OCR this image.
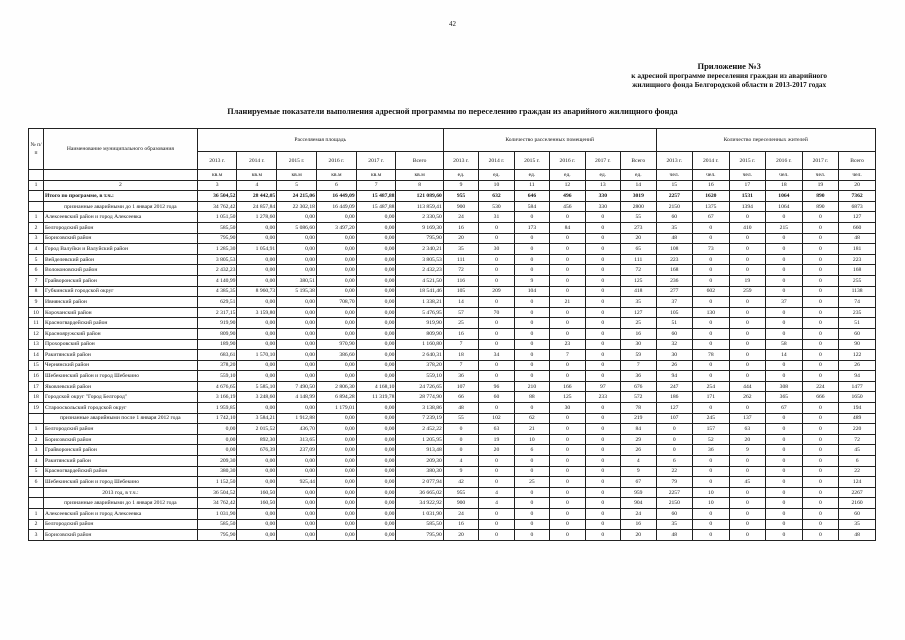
42
Приложение №3
к адресной программе переселения граждан из аварийного
жилищного фонда Белгородской области в 2013-2017 годах
Планируемые показатели выполнения адресной программы по переселению граждан из аварийного жилищного фонда
№ п/п	Наименование муниципального образования	Расселяемая площадь						Количество расселенных помещений						Количество переселенных жителей					
		2013 г.	2014 г.	2015 г.	2016 г.	2017 г.	Всего	2013 г.	2014 г.	2015 г.	2016 г.	2017 г.	Всего	2013 г.	2014 г.	2015 г.	2016 г.	2017 г.	Всего
		кв.м	кв.м	кв.м	кв.м	кв.м	кв.м	ед.	ед.	ед.	ед.	ед.	ед.	чел.	чел.	чел.	чел.	чел.	чел.
1	2	3	4	5	6	7	8	9	10	11	12	13	14	15	16	17	18	19	20
	Итого по программе, в т.ч.:	36 504,52	28 442,05	24 215,06	16 449,09	15 487,88	121 089,60	955	632	646	496	330	3019	2257	1620	1531	1064	890	7362
	признанные аварийными до 1 января 2012 года	34 762,42	24 857,84	22 302,18	16 449,09	15 487,88	113 859,41	900	530	584	456	330	2800	2150	1375	1394	1064	890	6873
1	Алексеевский район и город Алексеевка	1 051,50	1 278,60	0,00	0,00	0,00	2 330,50	24	31	0	0	0	55	60	67	0	0	0	127
2	Белгородский район	585,50	0,00	5 086,60	3 497,20	0,00	9 169,30	16	0	173	84	0	273	35	0	410	215	0	660
3	Борисовский район	795,90	0,00	0,00	0,00	0,00	795,90	20	0	0	0	0	20	48	0	0	0	0	48
4	Город Валуйки и Валуйский район	1 285,30	1 054,91	0,00	0,00	0,00	2 340,21	35	30	0	0	0	65	108	73	0	0	0	181
5	Вейделевский район	3 805,53	0,00	0,00	0,00	0,00	3 805,53	111	0	0	0	0	111	223	0	0	0	0	223
6	Волоконовский район	2 432,23	0,00	0,00	0,00	0,00	2 432,23	72	0	0	0	0	72	168	0	0	0	0	168
7	Грайворонский район	4 140,99	0,00	380,51	0,00	0,00	4 521,50	116	0	9	0	0	125	236	0	19	0	0	255
8	Губкинский городской округ	4 385,35	8 960,73	5 195,38	0,00	0,00	18 541,46	105	209	104	0	0	418	277	602	259	0	0	1138
9	Ивнянский район	629,51	0,00	0,00	708,70	0,00	1 338,21	14	0	0	21	0	35	37	0	0	37	0	74
10	Корочанский район	2 317,15	3 159,80	0,00	0,00	0,00	5 476,95	57	70	0	0	0	127	105	130	0	0	0	235
11	Красногвардейский район	919,90	0,00	0,00	0,00	0,00	919,90	25	0	0	0	0	25	51	0	0	0	0	51
12	Краснояружский район	809,90	0,00	0,00	0,00	0,00	809,90	16	0	0	0	0	16	60	0	0	0	0	60
13	Прохоровский район	189,90	0,00	0,00	970,90	0,00	1 160,80	7	0	0	23	0	30	32	0	0	58	0	90
14	Ракитянский район	683,61	1 570,10	0,00	386,60	0,00	2 640,31	18	34	0	7	0	59	30	78	0	14	0	122
15	Чернянский район	378,20	0,00	0,00	0,00	0,00	378,20	7	0	0	0	0	7	26	0	0	0	0	26
16	Шебекинский район и город Шебекино	559,10	0,00	0,00	0,00	0,00	559,10	36	0	0	0	0	36	94	0	0	0	0	94
17	Яковлевский район	4 676,65	5 585,10	7 490,50	2 806,30	4 168,10	24 726,65	107	96	210	166	97	676	247	254	444	308	224	1477
18	Городской округ "Город Белгород"	3 166,19	3 248,60	4 148,99	6 894,28	11 319,78	28 774,90	66	60	88	125	233	572	186	171	262	365	666	1650
19	Старооскольский городской округ	1 959,85	0,00	0,00	1 179,01	0,00	3 138,86	48	0	0	30	0	78	127	0	0	67	0	194
	признанные аварийными после 1 января 2012 года	1 742,10	3 584,21	1 912,88	0,00	0,00	7 239,19	55	102	62	0	0	219	107	245	137	0	0	489
1	Белгородский район	0,00	2 015,52	436,70	0,00	0,00	2 452,22	0	63	21	0	0	84	0	157	63	0	0	220
2	Борисовский район	0,00	892,30	313,65	0,00	0,00	1 205,95	0	19	10	0	0	29	0	52	20	0	0	72
3	Грайворонский район	0,00	676,39	237,09	0,00	0,00	913,48	0	20	6	0	0	26	0	36	9	0	0	45
4	Ракитянский район	209,30	0,00	0,00	0,00	0,00	209,30	4	0	0	0	0	4	6	0	0	0	0	6
5	Красногвардейский район	380,30	0,00	0,00	0,00	0,00	380,30	9	0	0	0	0	9	22	0	0	0	0	22
6	Шебекинский район и город Шебекино	1 152,50	0,00	925,44	0,00	0,00	2 077,94	42	0	25	0	0	67	79	0	45	0	0	124
	2013 год, в т.ч.:	36 504,52	160,50	0,00	0,00	0,00	36 665,02	955	4	0	0	0	959	2257	10	0	0	0	2267
	признанные аварийными до 1 января 2012 года	34 762,42	160,50	0,00	0,00	0,00	34 922,92	900	4	0	0	0	904	2150	10	0	0	0	2160
1	Алексеевский район и город Алексеевка	1 031,90	0,00	0,00	0,00	0,00	1 031,90	24	0	0	0	0	24	60	0	0	0	0	60
2	Белгородский район	585,50	0,00	0,00	0,00	0,00	585,50	16	0	0	0	0	16	35	0	0	0	0	35
3	Борисовский район	795,90	0,00	0,00	0,00	0,00	795,90	20	0	0	0	0	20	48	0	0	0	0	48
